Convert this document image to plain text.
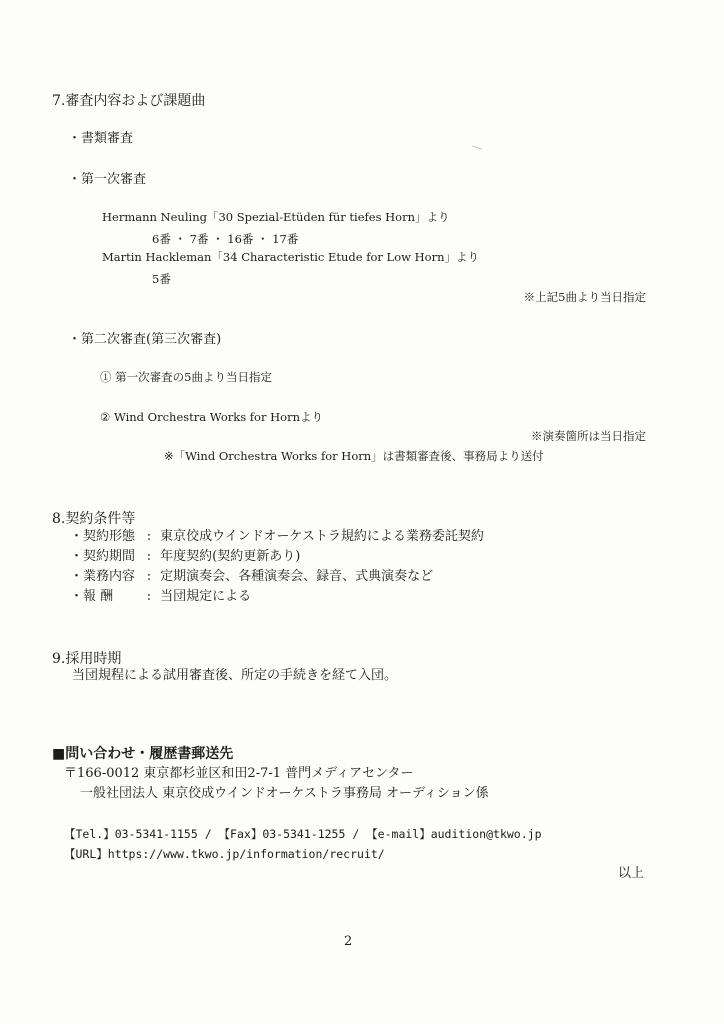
7.審査内容および課題曲
・書類審査
・第一次審査
Hermann Neuling「30 Spezial-Etüden für tiefes Horn」より
6番 ・ 7番 ・ 16番 ・ 17番
Martin Hackleman「34 Characteristic Etude for Low Horn」より
5番
※上記5曲より当日指定
・第二次審査(第三次審査)
① 第一次審査の5曲より当日指定
② Wind Orchestra Works for Hornより
※演奏箇所は当日指定
※「Wind Orchestra Works for Horn」は書類審査後、事務局より送付
8.契約条件等
・契約形態 : 東京佼成ウインドオーケストラ規約による業務委託契約
・契約期間 : 年度契約(契約更新あり)
・業務内容 : 定期演奏会、各種演奏会、録音、式典演奏など
・報 酬	: 当団規定による
9.採用時期
当団規程による試用審査後、所定の手続きを経て入団。
■問い合わせ・履歴書郵送先
〒166-0012 東京都杉並区和田2-7-1 普門メディアセンター
一般社団法人 東京佼成ウインドオーケストラ事務局 オーディション係
【Tel.】03-5341-1155 / 【Fax】03-5341-1255 / 【e-mail】audition@tkwo.jp
【URL】https://www.tkwo.jp/information/recruit/
以上
2
